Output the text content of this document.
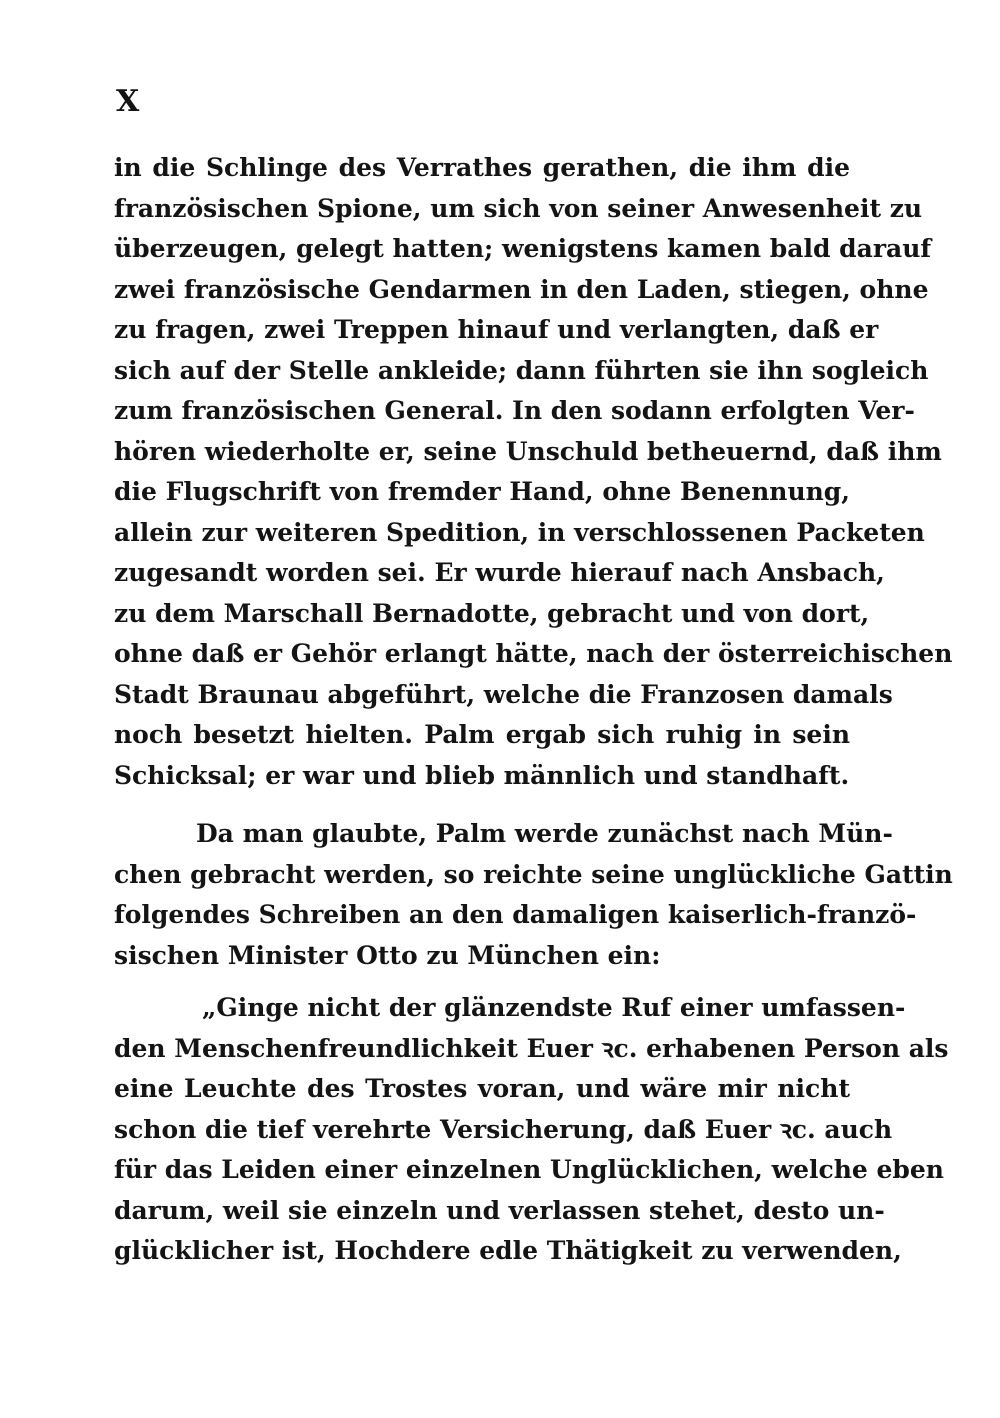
X
in die Schlinge des Verrathes gerathen, die ihm die
französischen Spione, um sich von seiner Anwesenheit zu
überzeugen, gelegt hatten; wenigstens kamen bald darauf
zwei französische Gendarmen in den Laden, stiegen, ohne
zu fragen, zwei Treppen hinauf und verlangten, daß er
sich auf der Stelle ankleide; dann führten sie ihn sogleich
zum französischen General. In den sodann erfolgten Ver-
hören wiederholte er, seine Unschuld betheuernd, daß ihm
die Flugschrift von fremder Hand, ohne Benennung,
allein zur weiteren Spedition, in verschlossenen Packeten
zugesandt worden sei. Er wurde hierauf nach Ansbach,
zu dem Marschall Bernadotte, gebracht und von dort,
ohne daß er Gehör erlangt hätte, nach der österreichischen
Stadt Braunau abgeführt, welche die Franzosen damals
noch besetzt hielten. Palm ergab sich ruhig in sein
Schicksal; er war und blieb männlich und standhaft.
Da man glaubte, Palm werde zunächst nach Mün-
chen gebracht werden, so reichte seine unglückliche Gattin
folgendes Schreiben an den damaligen kaiserlich-franzö-
sischen Minister Otto zu München ein:
„Ginge nicht der glänzendste Ruf einer umfassen-
den Menschenfreundlichkeit Euer ꝛc. erhabenen Person als
eine Leuchte des Trostes voran, und wäre mir nicht
schon die tief verehrte Versicherung, daß Euer ꝛc. auch
für das Leiden einer einzelnen Unglücklichen, welche eben
darum, weil sie einzeln und verlassen stehet, desto un-
glücklicher ist, Hochdere edle Thätigkeit zu verwenden,
